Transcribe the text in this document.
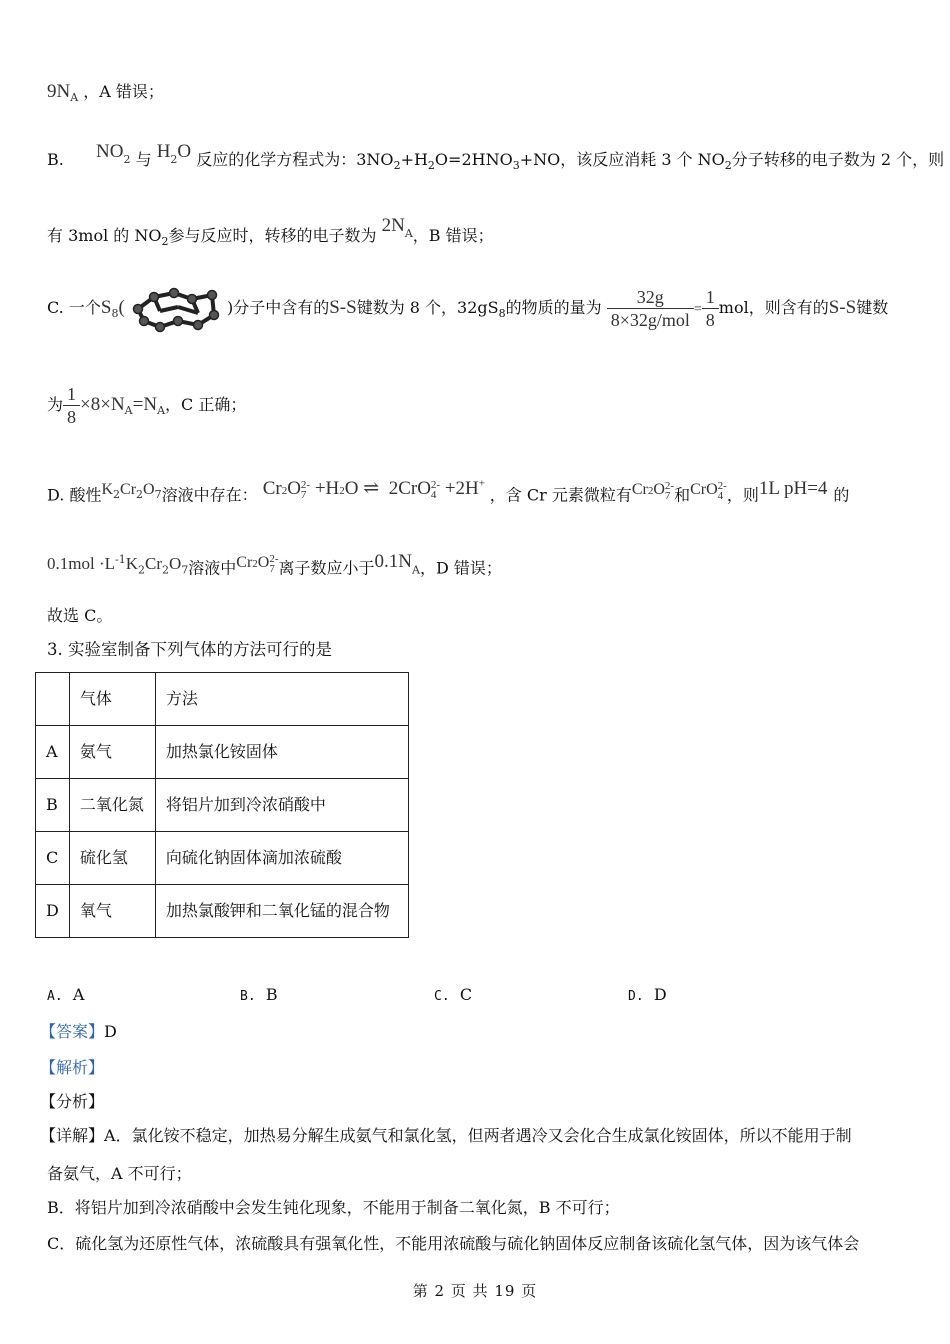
$9N_A$ ，A 错误；
B. NO2 与 H2O 反应的化学方程式为：$3NO_2+H_2O=2HNO_3+NO$，该反应消耗 3 个 $NO_2$分子转移的电子数为 2 个，则
有 3mol 的 $NO_2$参与反应时，转移的电子数为 $2N^A$，B 错误；
C. 一个$S_8$(	)分子中含有的S-S键数为 8 个，$32gS_8$的物质的量为 $\frac{32g}{\text{8×32g/mol}} = \frac{1}{8}$ mol，则含有的S-S键数
为 $\frac{1}{8} \times 8\times N_A=N_A$，C 正确；
D. 酸性K2Cr2O7溶液中存在： Cr2O 2-
7 +H2O ⇌ 2CrO 2-
4 +2H+ ，含 Cr 元素微粒有Cr2O 2-
7 和CrO 2-
4 ，则1L pH=4 的
$0.1mol \cdot L^{-1}K2Cr2O7$溶液中Cr2O 2-
7 离子数应小于0.1NA，D 错误；
故选 C。
3. 实验室制备下列气体的方法可行的是
	气体	方法
A	氨气	加热氯化铵固体
B	二氧化氮	将铝片加到冷浓硝酸中
C	硫化氢	向硫化钠固体滴加浓硫酸
D	氧气	加热氯酸钾和二氧化锰的混合物
A. A	B. B	C. C	D. D
【答案】D
【解析】
【分析】
【详解】A．氯化铵不稳定，加热易分解生成氨气和氯化氢，但两者遇冷又会化合生成氯化铵固体，所以不能用于制
备氨气，A 不可行；
B．将铝片加到冷浓硝酸中会发生钝化现象，不能用于制备二氧化氮，B 不可行；
C．硫化氢为还原性气体，浓硫酸具有强氧化性，不能用浓硫酸与硫化钠固体反应制备该硫化氢气体，因为该气体会
第 2 页 共 19 页
